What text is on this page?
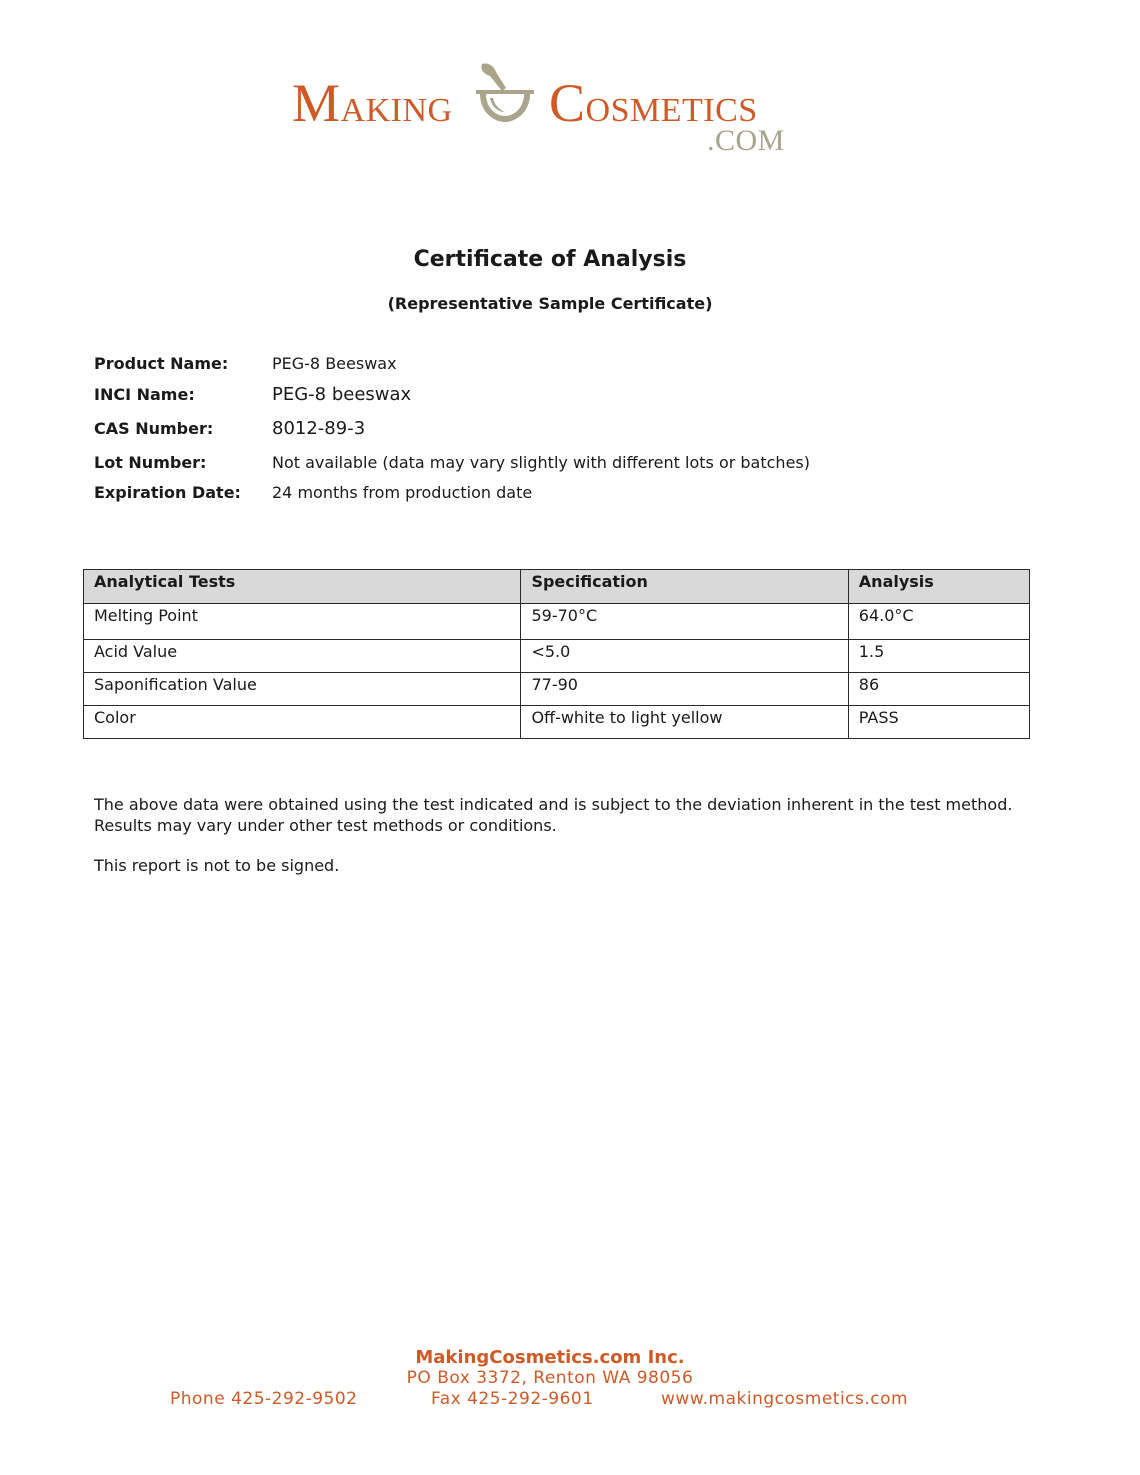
MAKING COSMETICS
.COM
Certificate of Analysis
(Representative Sample Certificate)
Product Name:	PEG-8 Beeswax
INCI Name:	PEG-8 beeswax
CAS Number:	8012-89-3
Lot Number:	Not available (data may vary slightly with different lots or batches)
Expiration Date: 24 months from production date
Analytical Tests	Specification	Analysis
Melting Point	59-70°C	64.0°C
Acid Value	<5.0	1.5
Saponification Value	77-90	86
Color	Off-white to light yellow	PASS
The above data were obtained using the test indicated and is subject to the deviation inherent in the test method. Results may vary under other test methods or conditions.
This report is not to be signed.
MakingCosmetics.com Inc.
PO Box 3372, Renton WA 98056
Phone 425-292-9502	Fax 425-292-9601	www.makingcosmetics.com
